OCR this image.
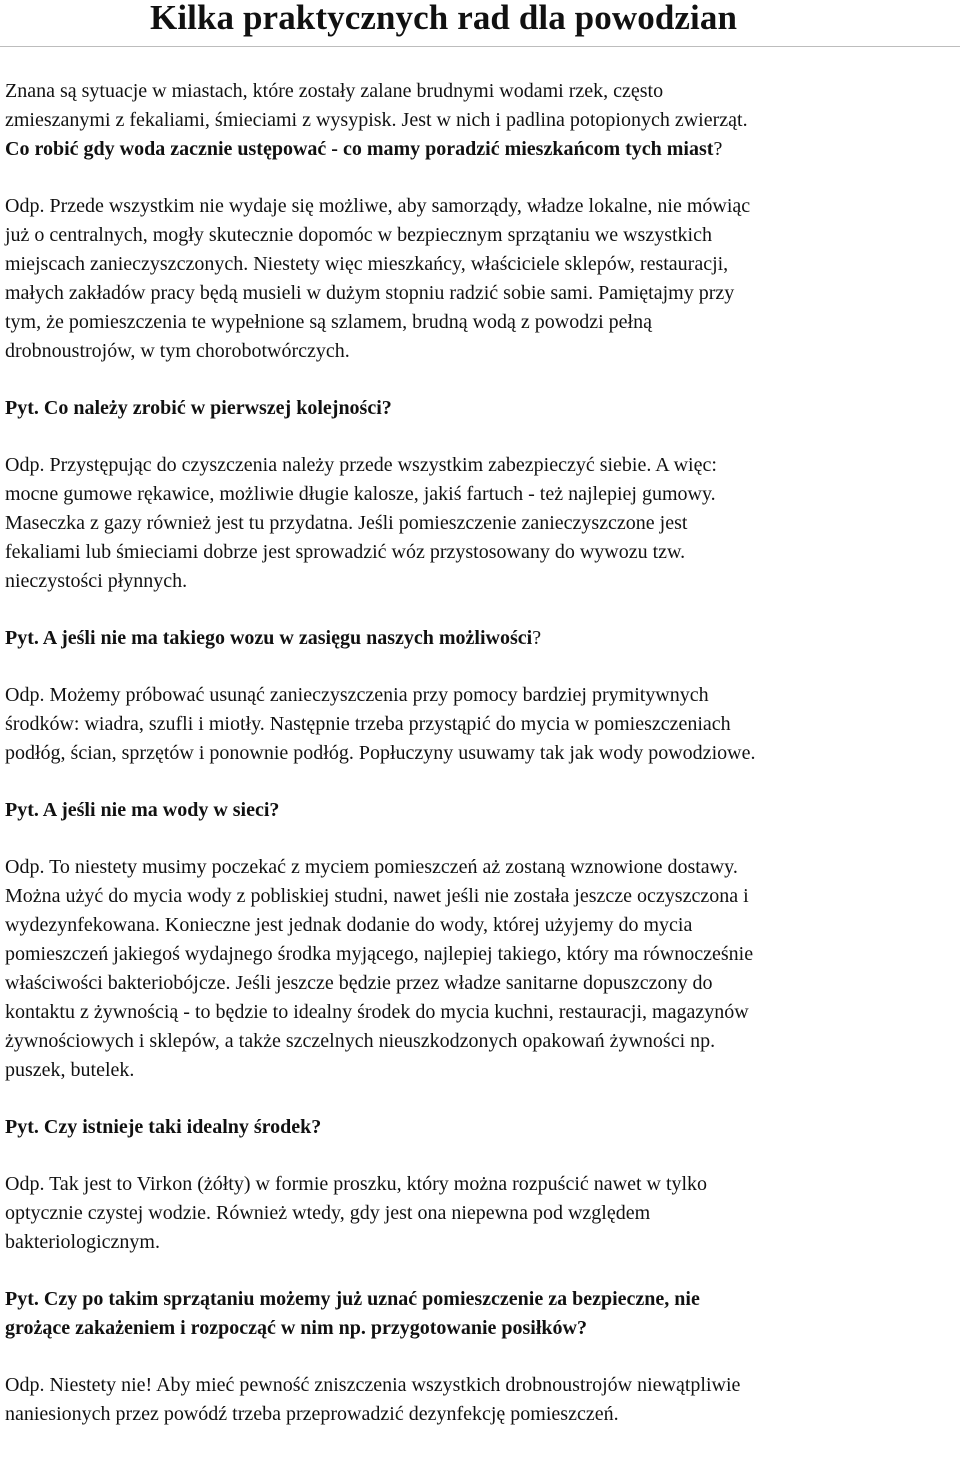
Kilka praktycznych rad dla powodzian

Znana są sytuacje w miastach, które zostały zalane brudnymi wodami rzek, często
zmieszanymi z fekaliami, śmieciami z wysypisk. Jest w nich i padlina potopionych zwierząt.
Co robić gdy woda zacznie ustępować - co mamy poradzić mieszkańcom tych miast?

Odp. Przede wszystkim nie wydaje się możliwe, aby samorządy, władze lokalne, nie mówiąc
już o centralnych, mogły skutecznie dopomóc w bezpiecznym sprzątaniu we wszystkich
miejscach zanieczyszczonych. Niestety więc mieszkańcy, właściciele sklepów, restauracji,
małych zakładów pracy będą musieli w dużym stopniu radzić sobie sami. Pamiętajmy przy
tym, że pomieszczenia te wypełnione są szlamem, brudną wodą z powodzi pełną
drobnoustrojów, w tym chorobotwórczych.

Pyt. Co należy zrobić w pierwszej kolejności?

Odp. Przystępując do czyszczenia należy przede wszystkim zabezpieczyć siebie. A więc:
mocne gumowe rękawice, możliwie długie kalosze, jakiś fartuch - też najlepiej gumowy.
Maseczka z gazy również jest tu przydatna. Jeśli pomieszczenie zanieczyszczone jest
fekaliami lub śmieciami dobrze jest sprowadzić wóz przystosowany do wywozu tzw.
nieczystości płynnych.

Pyt. A jeśli nie ma takiego wozu w zasięgu naszych możliwości?

Odp. Możemy próbować usunąć zanieczyszczenia przy pomocy bardziej prymitywnych
środków: wiadra, szufli i miotły. Następnie trzeba przystąpić do mycia w pomieszczeniach
podłóg, ścian, sprzętów i ponownie podłóg. Popłuczyny usuwamy tak jak wody powodziowe.

Pyt. A jeśli nie ma wody w sieci?

Odp. To niestety musimy poczekać z myciem pomieszczeń aż zostaną wznowione dostawy.
Można użyć do mycia wody z pobliskiej studni, nawet jeśli nie została jeszcze oczyszczona i
wydezynfekowana. Konieczne jest jednak dodanie do wody, której użyjemy do mycia
pomieszczeń jakiegoś wydajnego środka myjącego, najlepiej takiego, który ma równocześnie
właściwości bakteriobójcze. Jeśli jeszcze będzie przez władze sanitarne dopuszczony do
kontaktu z żywnością - to będzie to idealny środek do mycia kuchni, restauracji, magazynów
żywnościowych i sklepów, a także szczelnych nieuszkodzonych opakowań żywności np.
puszek, butelek.

Pyt. Czy istnieje taki idealny środek?

Odp. Tak jest to Virkon (żółty) w formie proszku, który można rozpuścić nawet w tylko
optycznie czystej wodzie. Również wtedy, gdy jest ona niepewna pod względem
bakteriologicznym.

Pyt. Czy po takim sprzątaniu możemy już uznać pomieszczenie za bezpieczne, nie
grożące zakażeniem i rozpocząć w nim np. przygotowanie posiłków?

Odp. Niestety nie! Aby mieć pewność zniszczenia wszystkich drobnoustrojów niewątpliwie
naniesionych przez powódź trzeba przeprowadzić dezynfekcję pomieszczeń.
